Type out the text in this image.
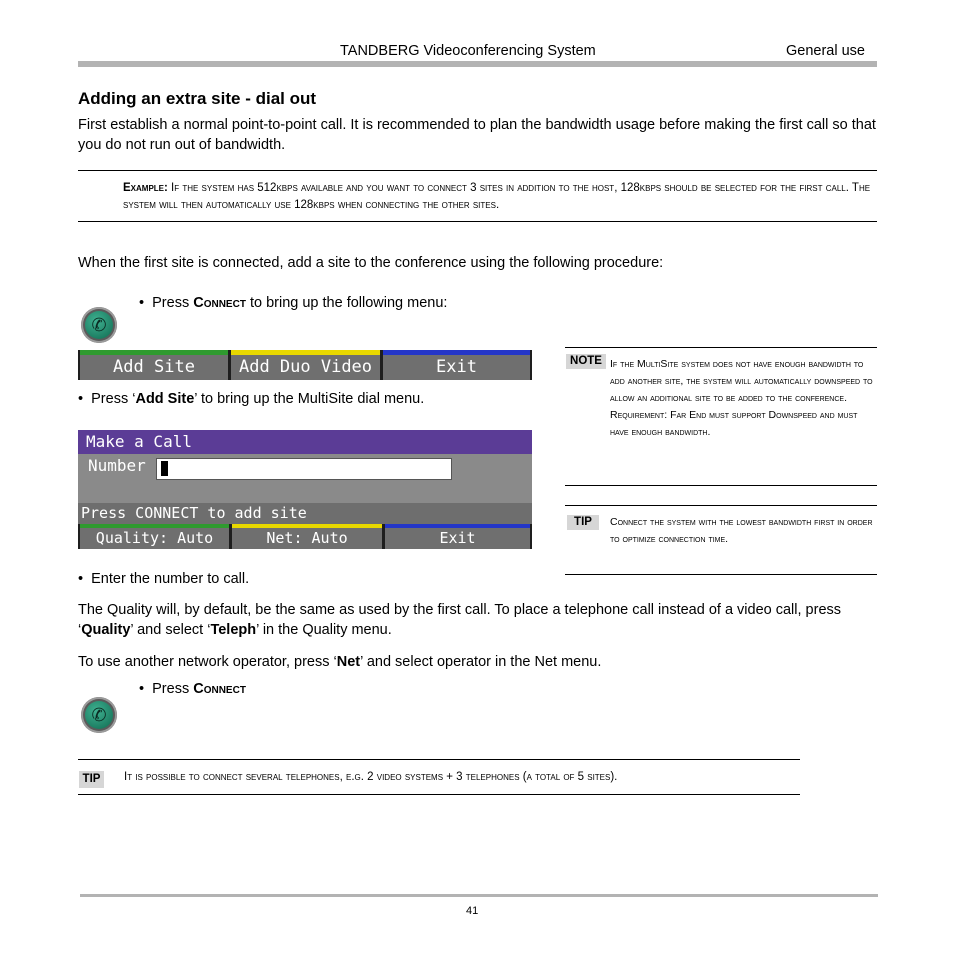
TANDBERG Videoconferencing System	General use
Adding an extra site - dial out
First establish a normal point-to-point call. It is recommended to plan the bandwidth usage before making the first call so that you do not run out of bandwidth.
Example: If the system has 512kbps available and you want to connect 3 sites in addition to the host, 128kbps should be selected for the first call. The system will then automatically use 128kbps when connecting the other sites.
When the first site is connected, add a site to the conference using the following procedure:
✆
•  Press Connect to bring up the following menu:
Add Site	Add Duo Video	Exit
•  Press ‘Add Site’ to bring up the MultiSite dial menu.
Make a Call
Number
Press CONNECT to add site
Quality: Auto	Net: Auto	Exit
•  Enter the number to call.
NOTE If the MultiSite system does not have enough bandwidth to add another site, the system will automatically downspeed to allow an additional site to be added to the conference. Requirement: Far End must support Downspeed and must have enough bandwidth.
TIP	Connect the system with the lowest bandwidth first in order to optimize connection time.
The Quality will, by default, be the same as used by the first call. To place a telephone call instead of a video call, press ‘Quality’ and select ‘Teleph’ in the Quality menu.
To use another network operator, press ‘Net’ and select operator in the Net menu.
✆
•  Press Connect
TIP	It is possible to connect several telephones, e.g. 2 video systems + 3 telephones (a total of 5 sites).
41
